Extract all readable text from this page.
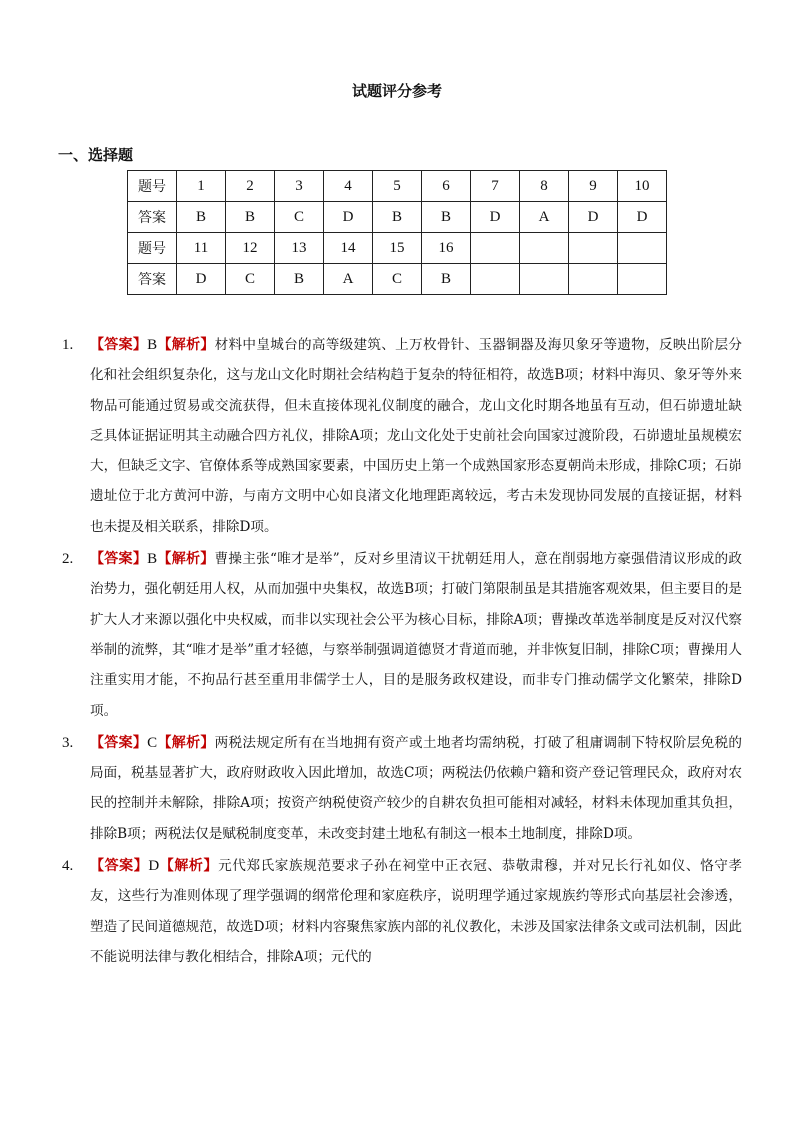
试题评分参考
一、选择题
题号	1	2	3	4	5	6	7	8	9	10
答案	B	B	C	D	B	B	D	A	D	D
题号	11	12	13	14	15	16				
答案	D	C	B	A	C	B				
1. 【答案】B【解析】材料中皇城台的高等级建筑、上万枚骨针、玉器铜器及海贝象牙等遗物，反映出阶层分化和社会组织复杂化，这与龙山文化时期社会结构趋于复杂的特征相符，故选B项；材料中海贝、象牙等外来物品可能通过贸易或交流获得，但未直接体现礼仪制度的融合，龙山文化时期各地虽有互动，但石峁遗址缺乏具体证据证明其主动融合四方礼仪，排除A项；龙山文化处于史前社会向国家过渡阶段，石峁遗址虽规模宏大，但缺乏文字、官僚体系等成熟国家要素，中国历史上第一个成熟国家形态夏朝尚未形成，排除C项；石峁遗址位于北方黄河中游，与南方文明中心如良渚文化地理距离较远，考古未发现协同发展的直接证据，材料也未提及相关联系，排除D项。
2. 【答案】B【解析】曹操主张“唯才是举”，反对乡里清议干扰朝廷用人，意在削弱地方豪强借清议形成的政治势力，强化朝廷用人权，从而加强中央集权，故选B项；打破门第限制虽是其措施客观效果，但主要目的是扩大人才来源以强化中央权威，而非以实现社会公平为核心目标，排除A项；曹操改革选举制度是反对汉代察举制的流弊，其“唯才是举”重才轻德，与察举制强调道德贤才背道而驰，并非恢复旧制，排除C项；曹操用人注重实用才能，不拘品行甚至重用非儒学士人，目的是服务政权建设，而非专门推动儒学文化繁荣，排除D项。
3. 【答案】C【解析】两税法规定所有在当地拥有资产或土地者均需纳税，打破了租庸调制下特权阶层免税的局面，税基显著扩大，政府财政收入因此增加，故选C项；两税法仍依赖户籍和资产登记管理民众，政府对农民的控制并未解除，排除A项；按资产纳税使资产较少的自耕农负担可能相对减轻，材料未体现加重其负担，排除B项；两税法仅是赋税制度变革，未改变封建土地私有制这一根本土地制度，排除D项。
4. 【答案】D【解析】元代郑氏家族规范要求子孙在祠堂中正衣冠、恭敬肃穆，并对兄长行礼如仪、恪守孝友，这些行为准则体现了理学强调的纲常伦理和家庭秩序，说明理学通过家规族约等形式向基层社会渗透，塑造了民间道德规范，故选D项；材料内容聚焦家族内部的礼仪教化，未涉及国家法律条文或司法机制，因此不能说明法律与教化相结合，排除A项；元代的
